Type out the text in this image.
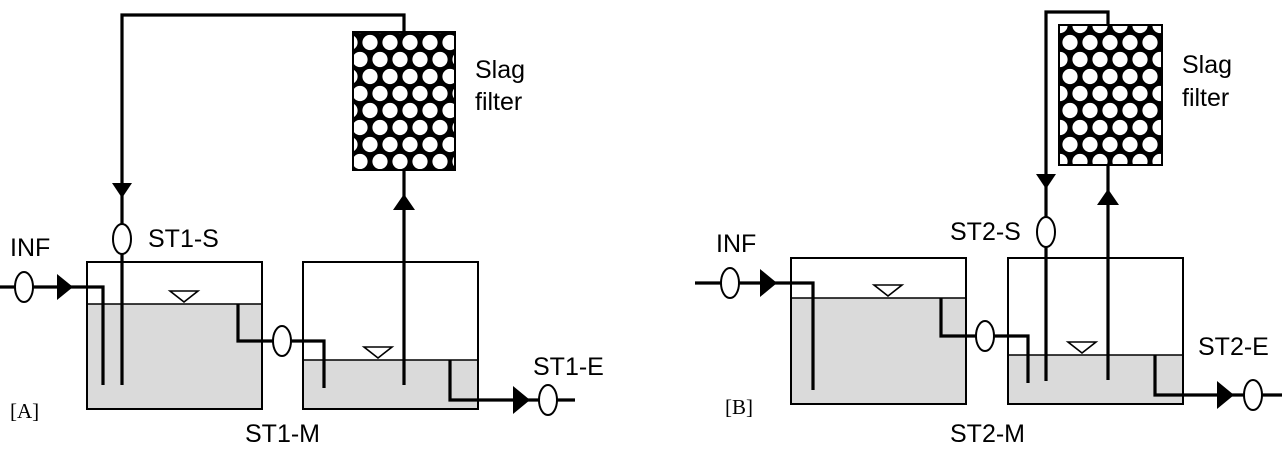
Slag
filter
INF	ST1-S
ST1-M
ST1-E
[A]
Slag
filter
INF	ST2-S
ST2-M
ST2-E
[B]
